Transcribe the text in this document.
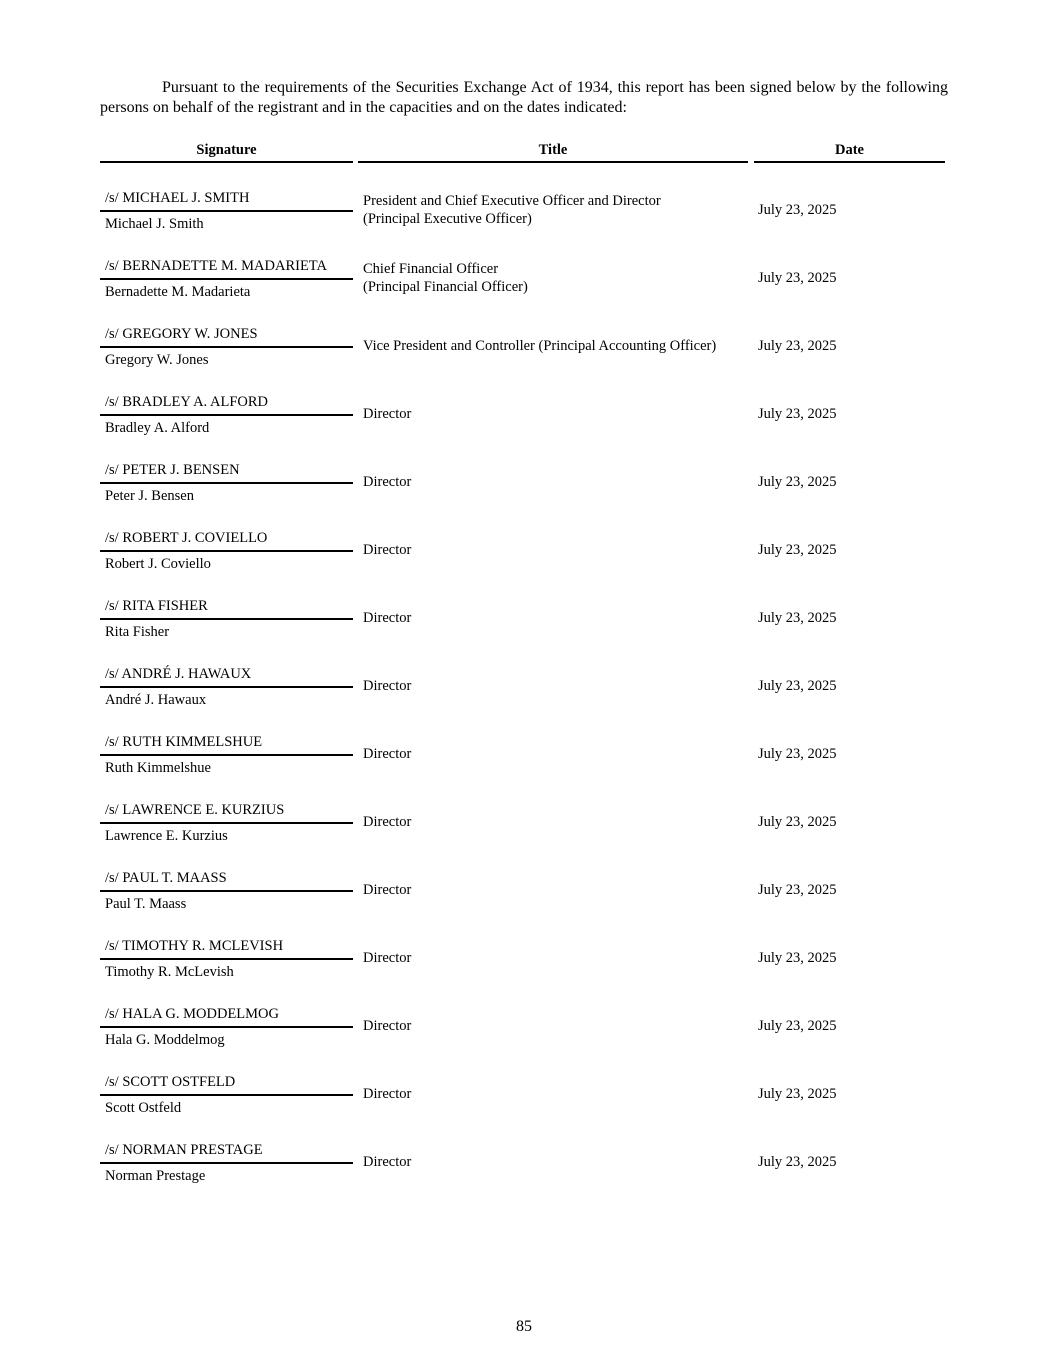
Pursuant to the requirements of the Securities Exchange Act of 1934, this report has been signed below by the following persons on behalf of the registrant and in the capacities and on the dates indicated:

Signature	Title	Date
/s/ MICHAEL J. SMITH
Michael J. Smith
President and Chief Executive Officer and Director
(Principal Executive Officer)
July 23, 2025
/s/ BERNADETTE M. MADARIETA
Bernadette M. Madarieta
Chief Financial Officer
(Principal Financial Officer)
July 23, 2025
/s/ GREGORY W. JONES
Gregory W. Jones
Vice President and Controller (Principal Accounting Officer)	July 23, 2025
/s/ BRADLEY A. ALFORD
Bradley A. Alford
Director	July 23, 2025
/s/ PETER J. BENSEN
Peter J. Bensen
Director	July 23, 2025
/s/ ROBERT J. COVIELLO
Robert J. Coviello
Director	July 23, 2025
/s/ RITA FISHER
Rita Fisher
Director	July 23, 2025
/s/ ANDRÉ J. HAWAUX
André J. Hawaux
Director	July 23, 2025
/s/ RUTH KIMMELSHUE
Ruth Kimmelshue
Director	July 23, 2025
/s/ LAWRENCE E. KURZIUS
Lawrence E. Kurzius
Director	July 23, 2025
/s/ PAUL T. MAASS
Paul T. Maass
Director	July 23, 2025
/s/ TIMOTHY R. MCLEVISH
Timothy R. McLevish
Director	July 23, 2025
/s/ HALA G. MODDELMOG
Hala G. Moddelmog
Director	July 23, 2025
/s/ SCOTT OSTFELD
Scott Ostfeld
Director	July 23, 2025
/s/ NORMAN PRESTAGE
Norman Prestage
Director	July 23, 2025
85
